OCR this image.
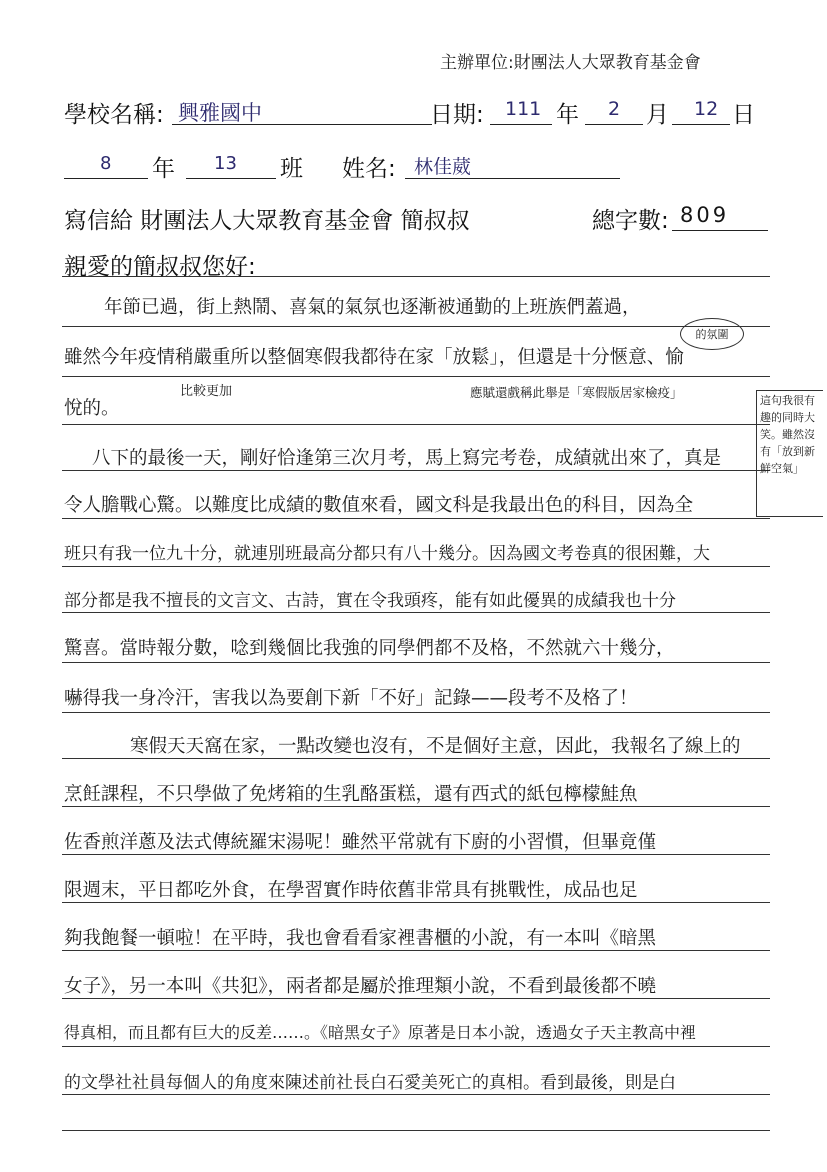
主辦單位:財團法人大眾教育基金會
學校名稱: 興雅國中	日期: 111 年 2 月 12 日
8 年 13 班 姓名: 林佳葳
寫信給 財團法人大眾教育基金會 簡叔叔	總字數: 809
親愛的簡叔叔您好:
年節已過，街上熱鬧、喜氣的氣氛也逐漸被通勤的上班族們蓋過，
雖然今年疫情稍嚴重所以整個寒假我都待在家「放鬆」，但還是十分愜意、愉
悅的。
八下的最後一天，剛好恰逢第三次月考，馬上寫完考卷，成績就出來了，真是
令人膽戰心驚。以難度比成績的數值來看，國文科是我最出色的科目，因為全
班只有我一位九十分，就連別班最高分都只有八十幾分。因為國文考卷真的很困難，大
部分都是我不擅長的文言文、古詩，實在令我頭疼，能有如此優異的成績我也十分
驚喜。當時報分數，唸到幾個比我強的同學們都不及格，不然就六十幾分，
嚇得我一身冷汗，害我以為要創下新「不好」記錄——段考不及格了！
寒假天天窩在家，一點改變也沒有，不是個好主意，因此，我報名了線上的
烹飪課程，不只學做了免烤箱的生乳酪蛋糕，還有西式的紙包檸檬鮭魚
佐香煎洋蔥及法式傳統羅宋湯呢！雖然平常就有下廚的小習慣，但畢竟僅
限週末，平日都吃外食，在學習實作時依舊非常具有挑戰性，成品也足
夠我飽餐一頓啦！在平時，我也會看看家裡書櫃的小說，有一本叫《暗黑
女子》，另一本叫《共犯》，兩者都是屬於推理類小說，不看到最後都不曉
得真相，而且都有巨大的反差……。《暗黑女子》原著是日本小說，透過女子天主教高中裡
的文學社社員每個人的角度來陳述前社長白石愛美死亡的真相。看到最後，則是白
的氛圍
比較更加	應賦還戲稱此舉是「寒假版居家檢疫」
這句我很有趣的同時大笑。雖然沒有「放到新鮮空氣」
